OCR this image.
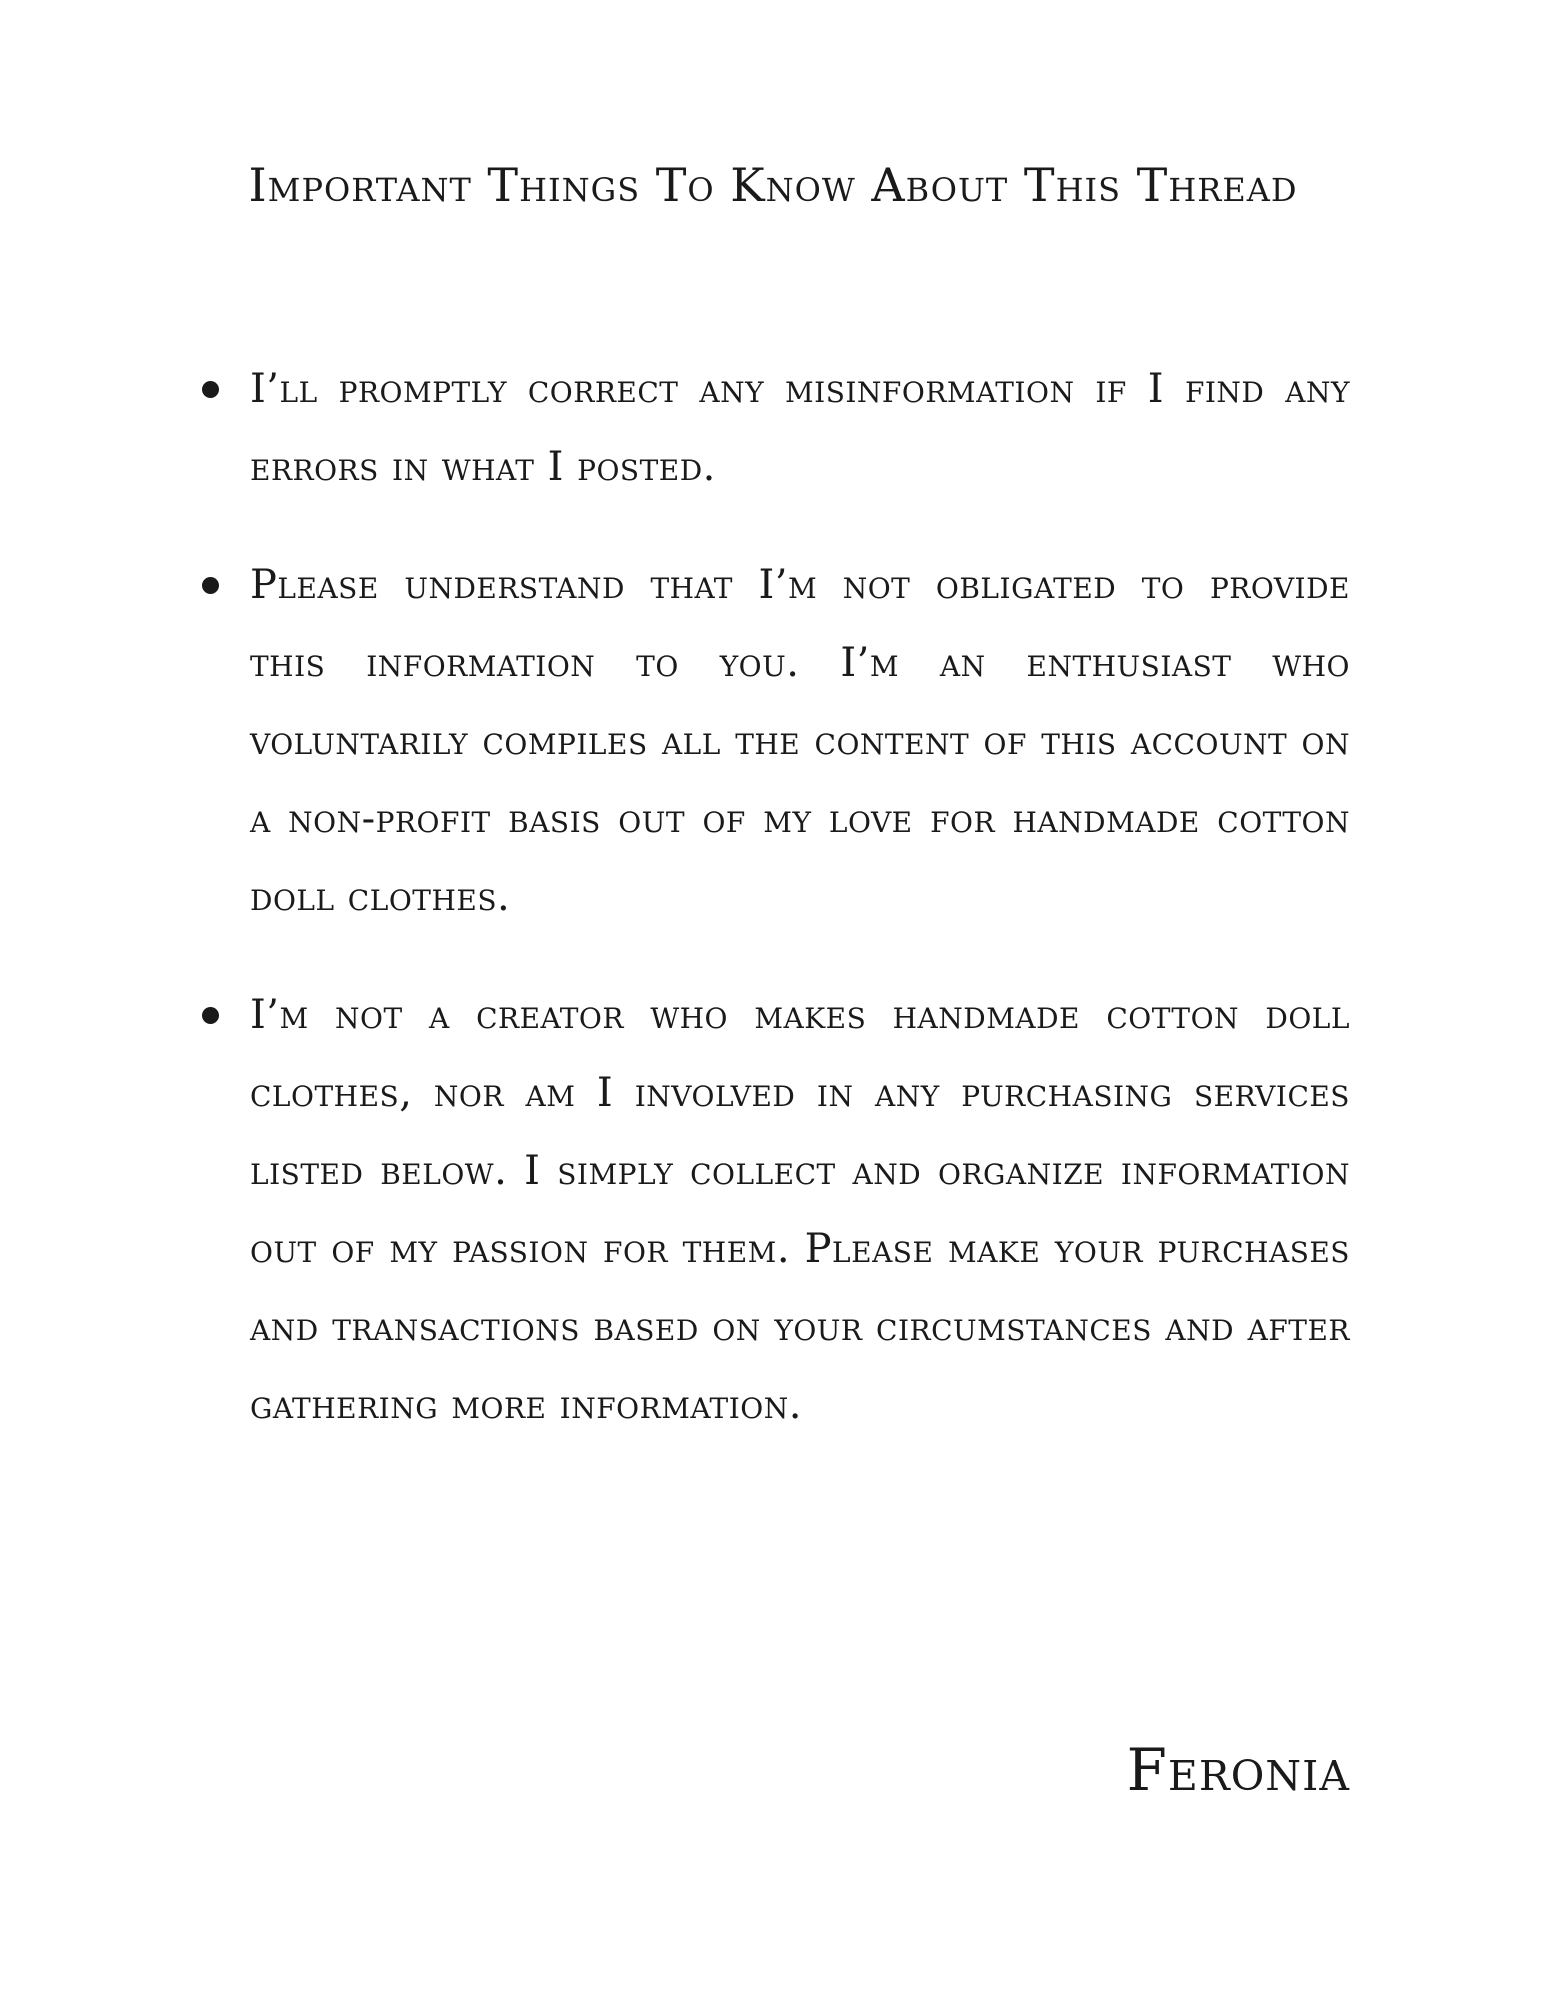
Important Things To Know About This Thread
I’ll promptly correct any misinformation if I find any errors in what I posted.
Please understand that I’m not obligated to provide this information to you. I’m an enthusiast who voluntarily compiles all the content of this account on a non-profit basis out of my love for handmade cotton doll clothes.
I’m not a creator who makes handmade cotton doll clothes, nor am I involved in any purchasing services listed below. I simply collect and organize information out of my passion for them. Please make your purchases and transactions based on your circumstances and after gathering more information.

Feronia
